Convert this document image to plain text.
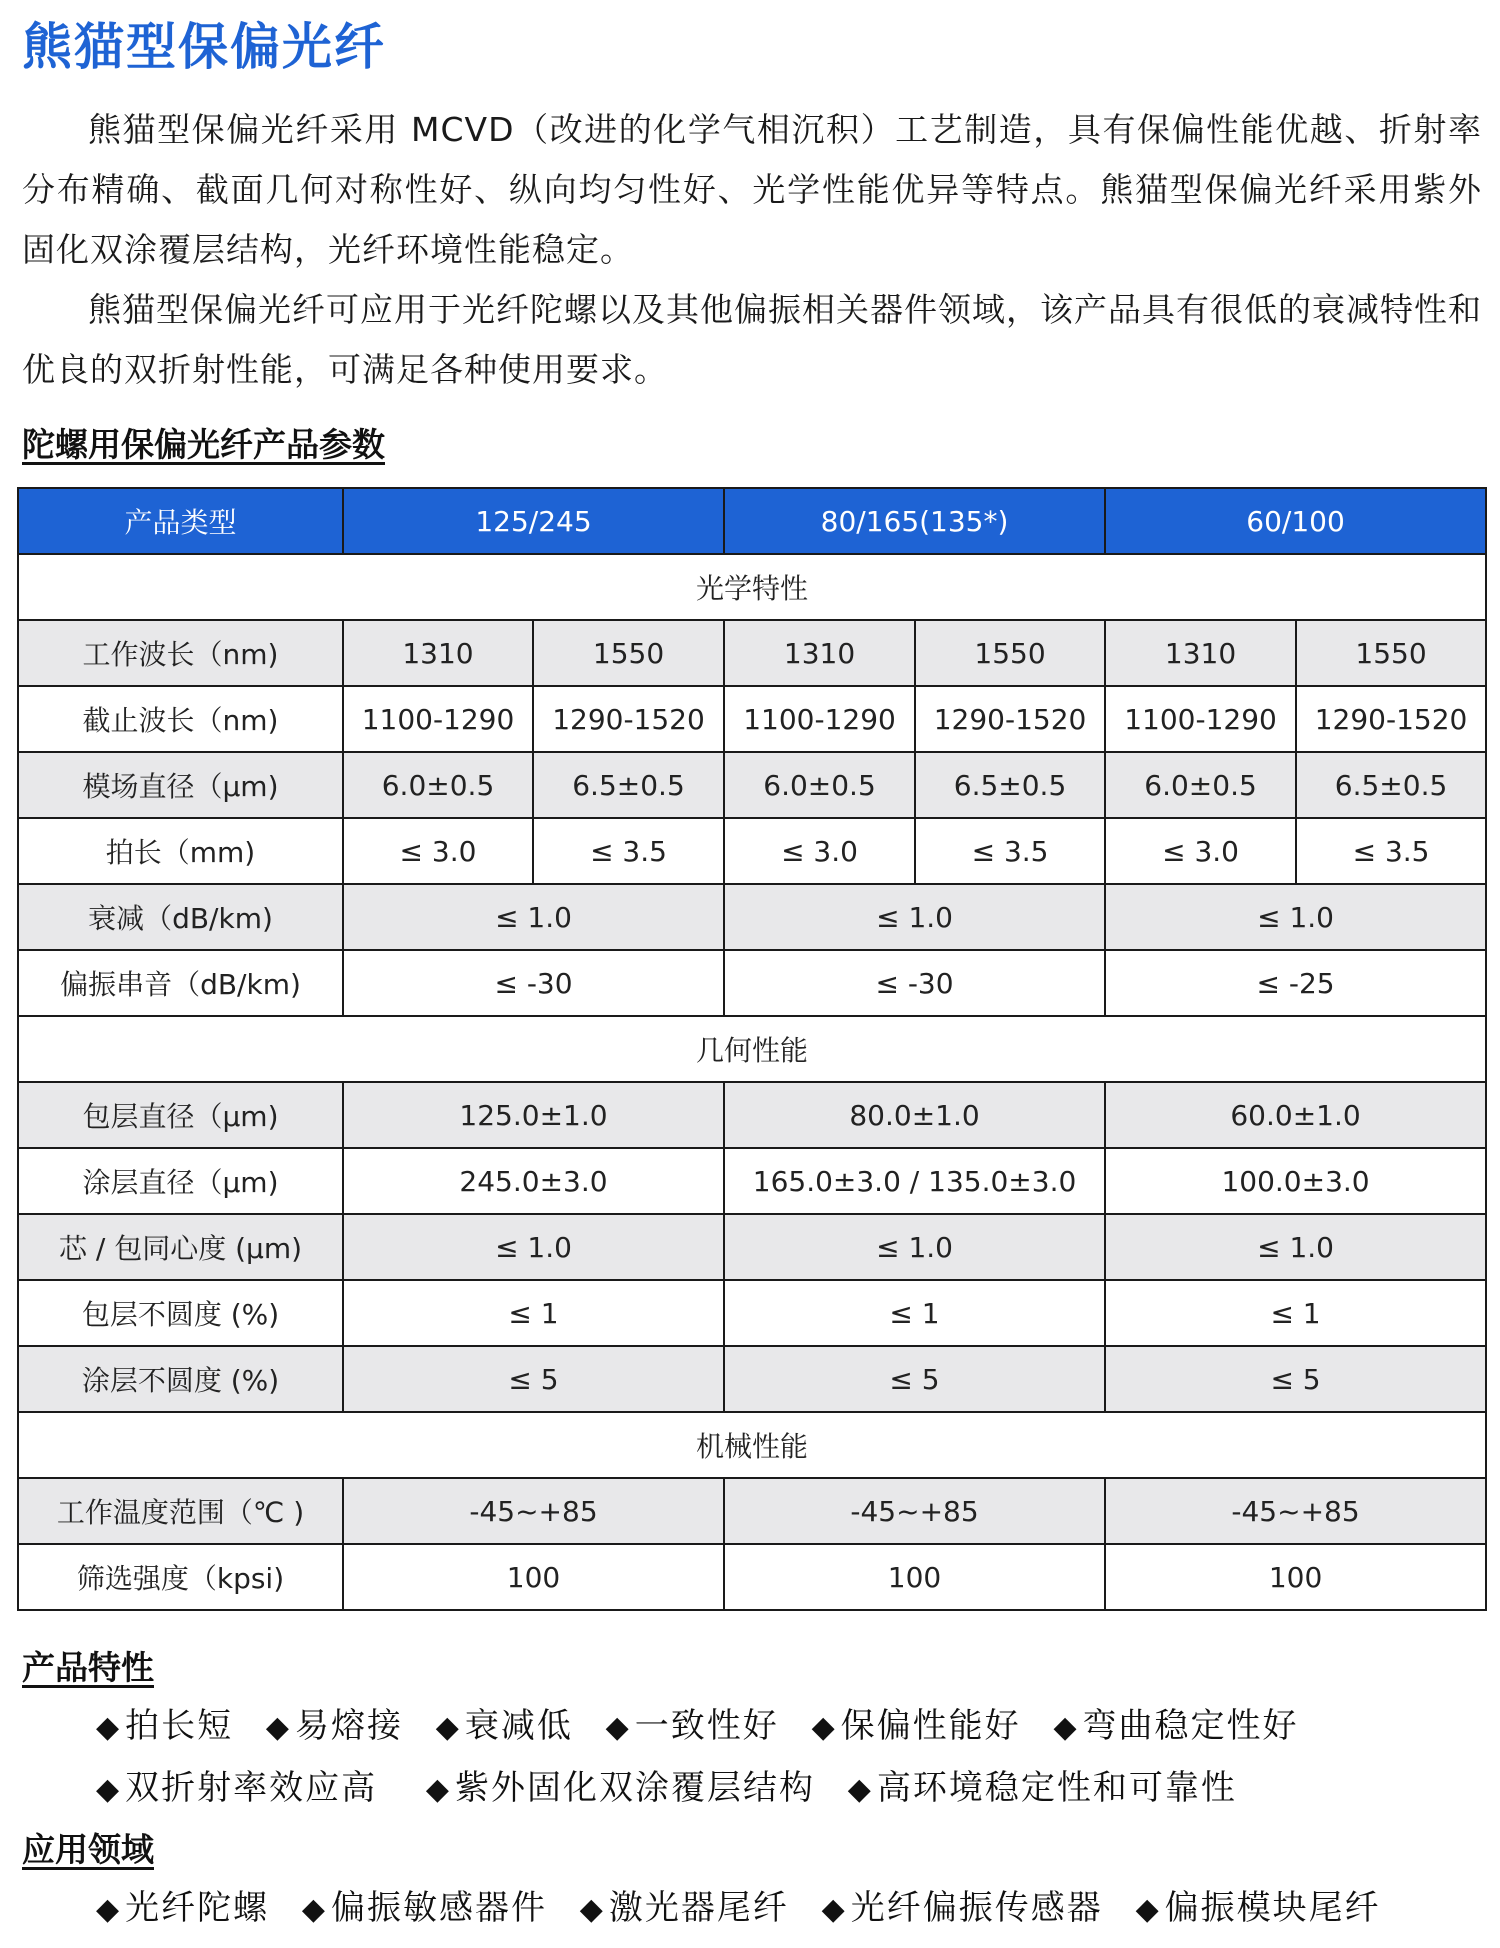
熊猫型保偏光纤

熊猫型保偏光纤采用 MCVD（改进的化学气相沉积）工艺制造，具有保偏性能优越、折射率分布精确、截面几何对称性好、纵向均匀性好、光学性能优异等特点。熊猫型保偏光纤采用紫外固化双涂覆层结构，光纤环境性能稳定。

熊猫型保偏光纤可应用于光纤陀螺以及其他偏振相关器件领域，该产品具有很低的衰减特性和优良的双折射性能，可满足各种使用要求。

陀螺用保偏光纤产品参数
产品类型	125/245		80/165(135*)		60/100	
光学特性						
工作波长（nm)	1310	1550	1310	1550	1310	1550
截止波长（nm)	1100-1290	1290-1520	1100-1290	1290-1520	1100-1290	1290-1520
模场直径（μm)	6.0±0.5	6.5±0.5	6.0±0.5	6.5±0.5	6.0±0.5	6.5±0.5
拍长（mm)	≤ 3.0	≤ 3.5	≤ 3.0	≤ 3.5	≤ 3.0	≤ 3.5
衰减（dB/km)	≤ 1.0		≤ 1.0		≤ 1.0	
偏振串音（dB/km)	≤ -30		≤ -30		≤ -25	
几何性能						
包层直径（μm)	125.0±1.0		80.0±1.0		60.0±1.0	
涂层直径（μm)	245.0±3.0		165.0±3.0 / 135.0±3.0		100.0±3.0	
芯 / 包同心度 (μm)	≤ 1.0		≤ 1.0		≤ 1.0	
包层不圆度 (%)	≤ 1		≤ 1		≤ 1	
涂层不圆度 (%)	≤ 5		≤ 5		≤ 5	
机械性能						
工作温度范围（℃ )	-45~+85		-45~+85		-45~+85	
筛选强度（kpsi)	100		100		100	
产品特性
◆ 拍长短 ◆ 易熔接 ◆ 衰减低 ◆ 一致性好 ◆ 保偏性能好 ◆ 弯曲稳定性好
◆ 双折射率效应高 ◆ 紫外固化双涂覆层结构 ◆ 高环境稳定性和可靠性
应用领域
◆ 光纤陀螺 ◆ 偏振敏感器件 ◆ 激光器尾纤 ◆ 光纤偏振传感器 ◆ 偏振模块尾纤
